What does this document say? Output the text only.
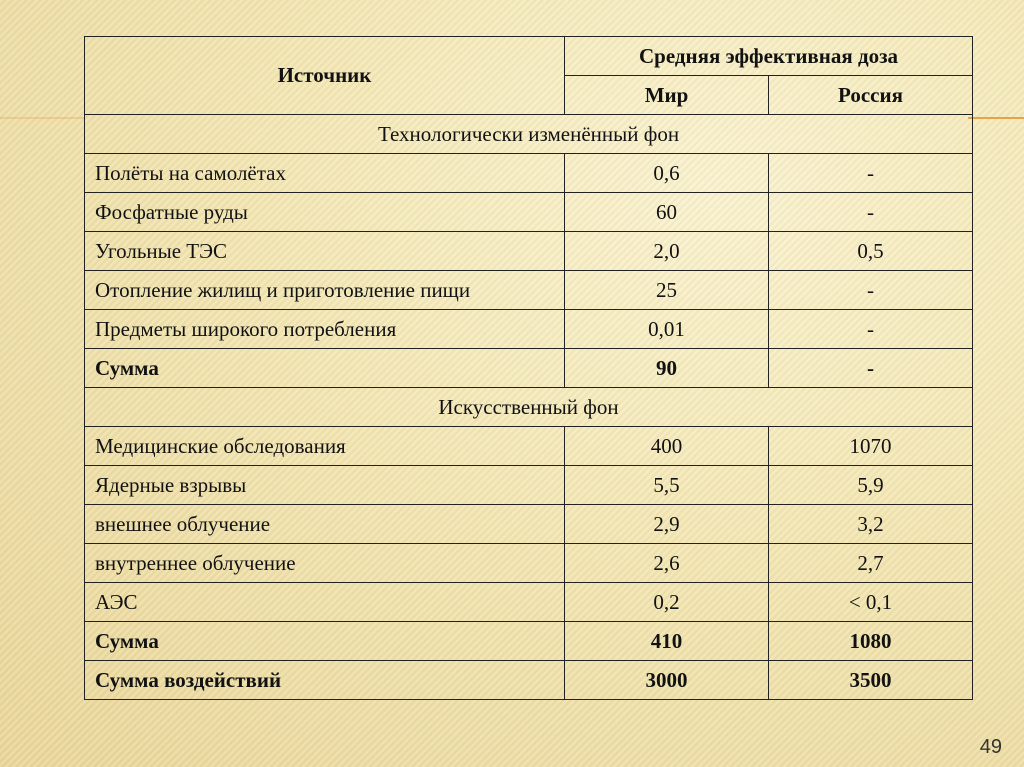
Источник	Средняя эффективная доза	
	Мир	Россия
Технологически изменённый фон		
Полёты на самолётах	0,6	-
Фосфатные руды	60	-
Угольные ТЭС	2,0	0,5
Отопление жилищ и приготовление пищи	25	-
Предметы широкого потребления	0,01	-
Сумма	90	-
Искусственный фон		
Медицинские обследования	400	1070
Ядерные взрывы	5,5	5,9
внешнее облучение	2,9	3,2
внутреннее облучение	2,6	2,7
АЭС	0,2	< 0,1
Сумма	410	1080
Сумма воздействий	3000	3500
49
